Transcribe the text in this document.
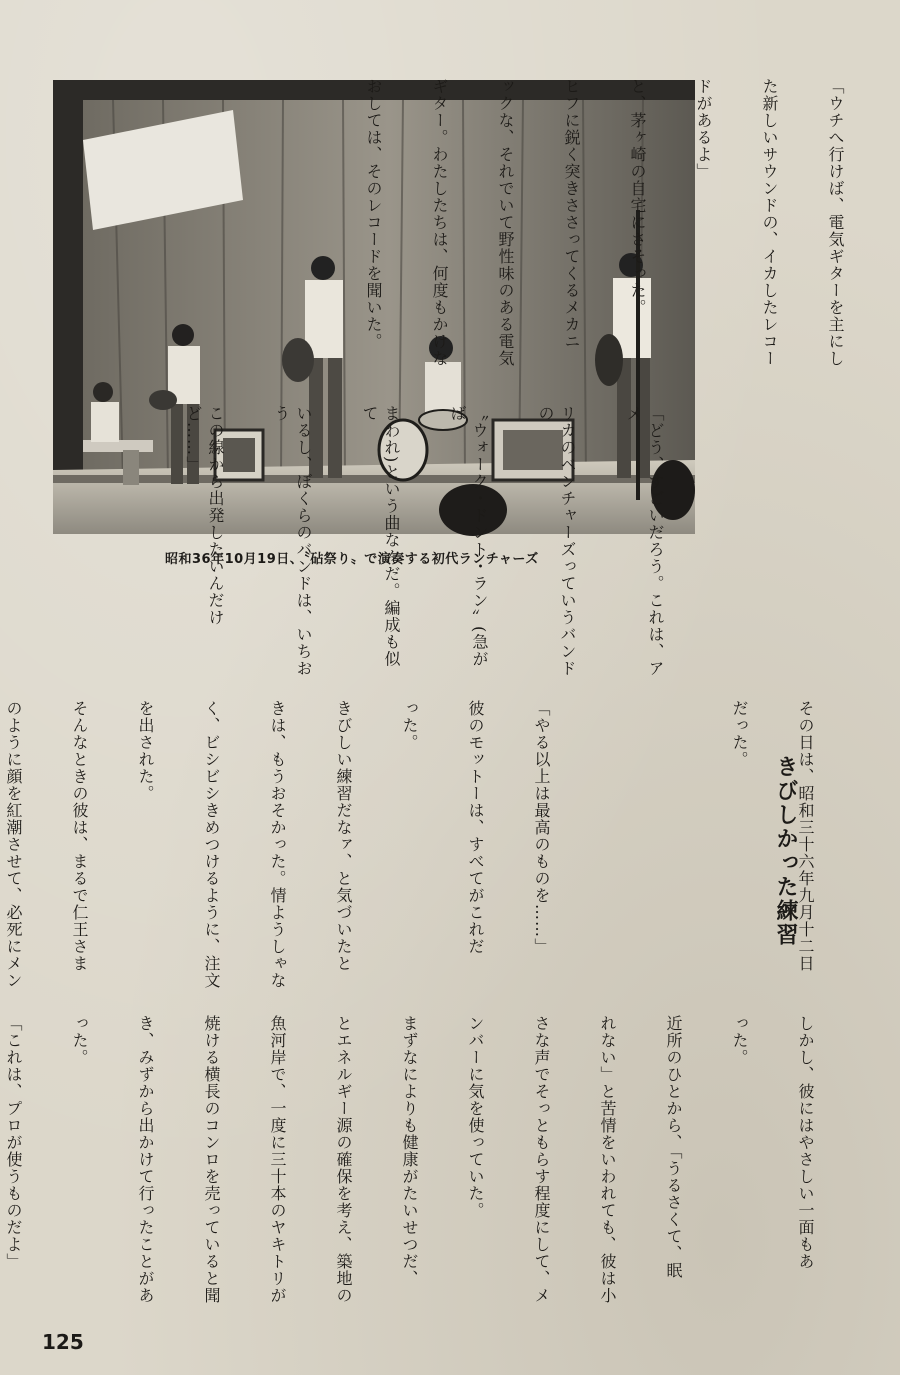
昭和36年10月19日、〝砧祭り〟で演奏する初代ランチャーズ

「ウチへ行けば、電気ギターを主にし

た新しいサウンドの、イカしたレコー

ドがあるよ」

と、茅ヶ崎の自宅にさそった。

ヒフに鋭く突きささってくるメカニ

ックな、それでいて野性味のある電気

ギター。わたしたちは、何度もかけな

おしては、そのレコードを聞いた。

「どう、すごいだろう。これは、アメ

リカのベンチャーズっていうバンドの

〝ウォーク・ドント・ラン〟(急がば

まわれ)という曲なんだ。編成も似て

いるし、ぼくらのバンドは、いちおう

この線から出発したいんだけど……」

きびしかった練習

その日は、昭和三十六年九月十二日

だった。

「やる以上は最高のものを……」

彼のモットーは、すべてがこれだ

った。

きびしい練習だなァ、と気づいたと

きは、もうおそかった。情ようしゃな

く、ビシビシきめつけるように、注文

を出された。

そんなときの彼は、まるで仁王さま

のように顔を紅潮させて、必死にメン

しかし、彼にはやさしい一面もあ

った。

近所のひとから、「うるさくて、眠

れない」と苦情をいわれても、彼は小

さな声でそっともらす程度にして、メ

ンバーに気を使っていた。

まずなによりも健康がたいせつだ、

とエネルギー源の確保を考え、築地の

魚河岸で、一度に三十本のヤキトリが

焼ける横長のコンロを売っていると聞

き、みずから出かけて行ったことがあ

った。

「これは、プロが使うものだよ」

125
